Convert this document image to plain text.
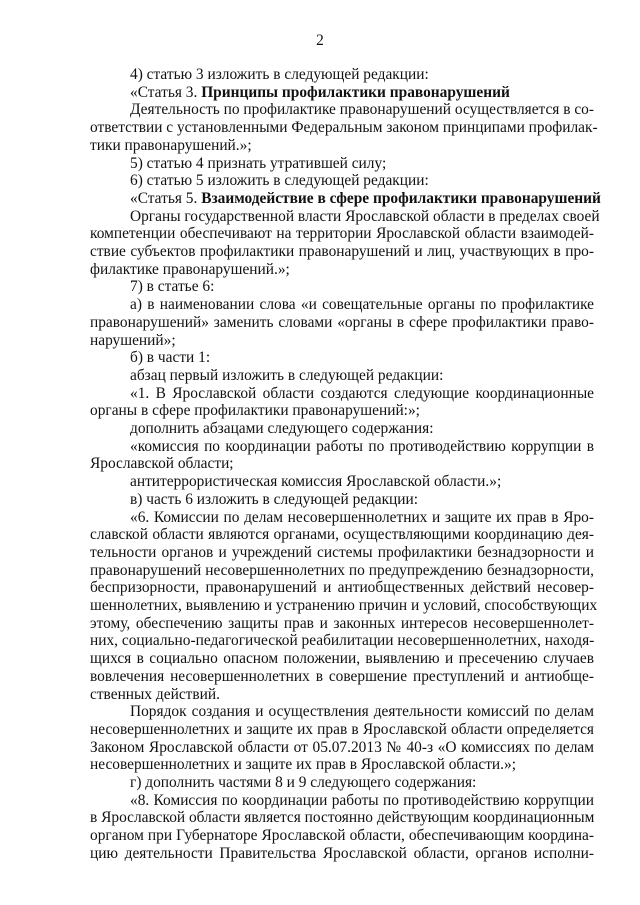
2
4) статью 3 изложить в следующей редакции:
«Статья 3. Принципы профилактики правонарушений
Деятельность по профилактике правонарушений осуществляется в со-
ответствии с установленными Федеральным законом принципами профилак-
тики правонарушений.»;
5) статью 4 признать утратившей силу;
6) статью 5 изложить в следующей редакции:
«Статья 5. Взаимодействие в сфере профилактики правонарушений
Органы государственной власти Ярославской области в пределах своей
компетенции обеспечивают на территории Ярославской области взаимодей-
ствие субъектов профилактики правонарушений и лиц, участвующих в про-
филактике правонарушений.»;
7) в статье 6:
а) в наименовании слова «и совещательные органы по профилактике
правонарушений» заменить словами «органы в сфере профилактики право-
нарушений»;
б) в части 1:
абзац первый изложить в следующей редакции:
«1. В Ярославской области создаются следующие координационные
органы в сфере профилактики правонарушений:»;
дополнить абзацами следующего содержания:
«комиссия по координации работы по противодействию коррупции в
Ярославской области;
антитеррористическая комиссия Ярославской области.»;
в) часть 6 изложить в следующей редакции:
«6. Комиссии по делам несовершеннолетних и защите их прав в Яро-
славской области являются органами, осуществляющими координацию дея-
тельности органов и учреждений системы профилактики безнадзорности и
правонарушений несовершеннолетних по предупреждению безнадзорности,
беспризорности, правонарушений и антиобщественных действий несовер-
шеннолетних, выявлению и устранению причин и условий, способствующих
этому, обеспечению защиты прав и законных интересов несовершеннолет-
них, социально-педагогической реабилитации несовершеннолетних, находя-
щихся в социально опасном положении, выявлению и пресечению случаев
вовлечения несовершеннолетних в совершение преступлений и антиобще-
ственных действий.
Порядок создания и осуществления деятельности комиссий по делам
несовершеннолетних и защите их прав в Ярославской области определяется
Законом Ярославской области от 05.07.2013 № 40-з «О комиссиях по делам
несовершеннолетних и защите их прав в Ярославской области.»;
г) дополнить частями 8 и 9 следующего содержания:
«8. Комиссия по координации работы по противодействию коррупции
в Ярославской области является постоянно действующим координационным
органом при Губернаторе Ярославской области, обеспечивающим координа-
цию деятельности Правительства Ярославской области, органов исполни-
